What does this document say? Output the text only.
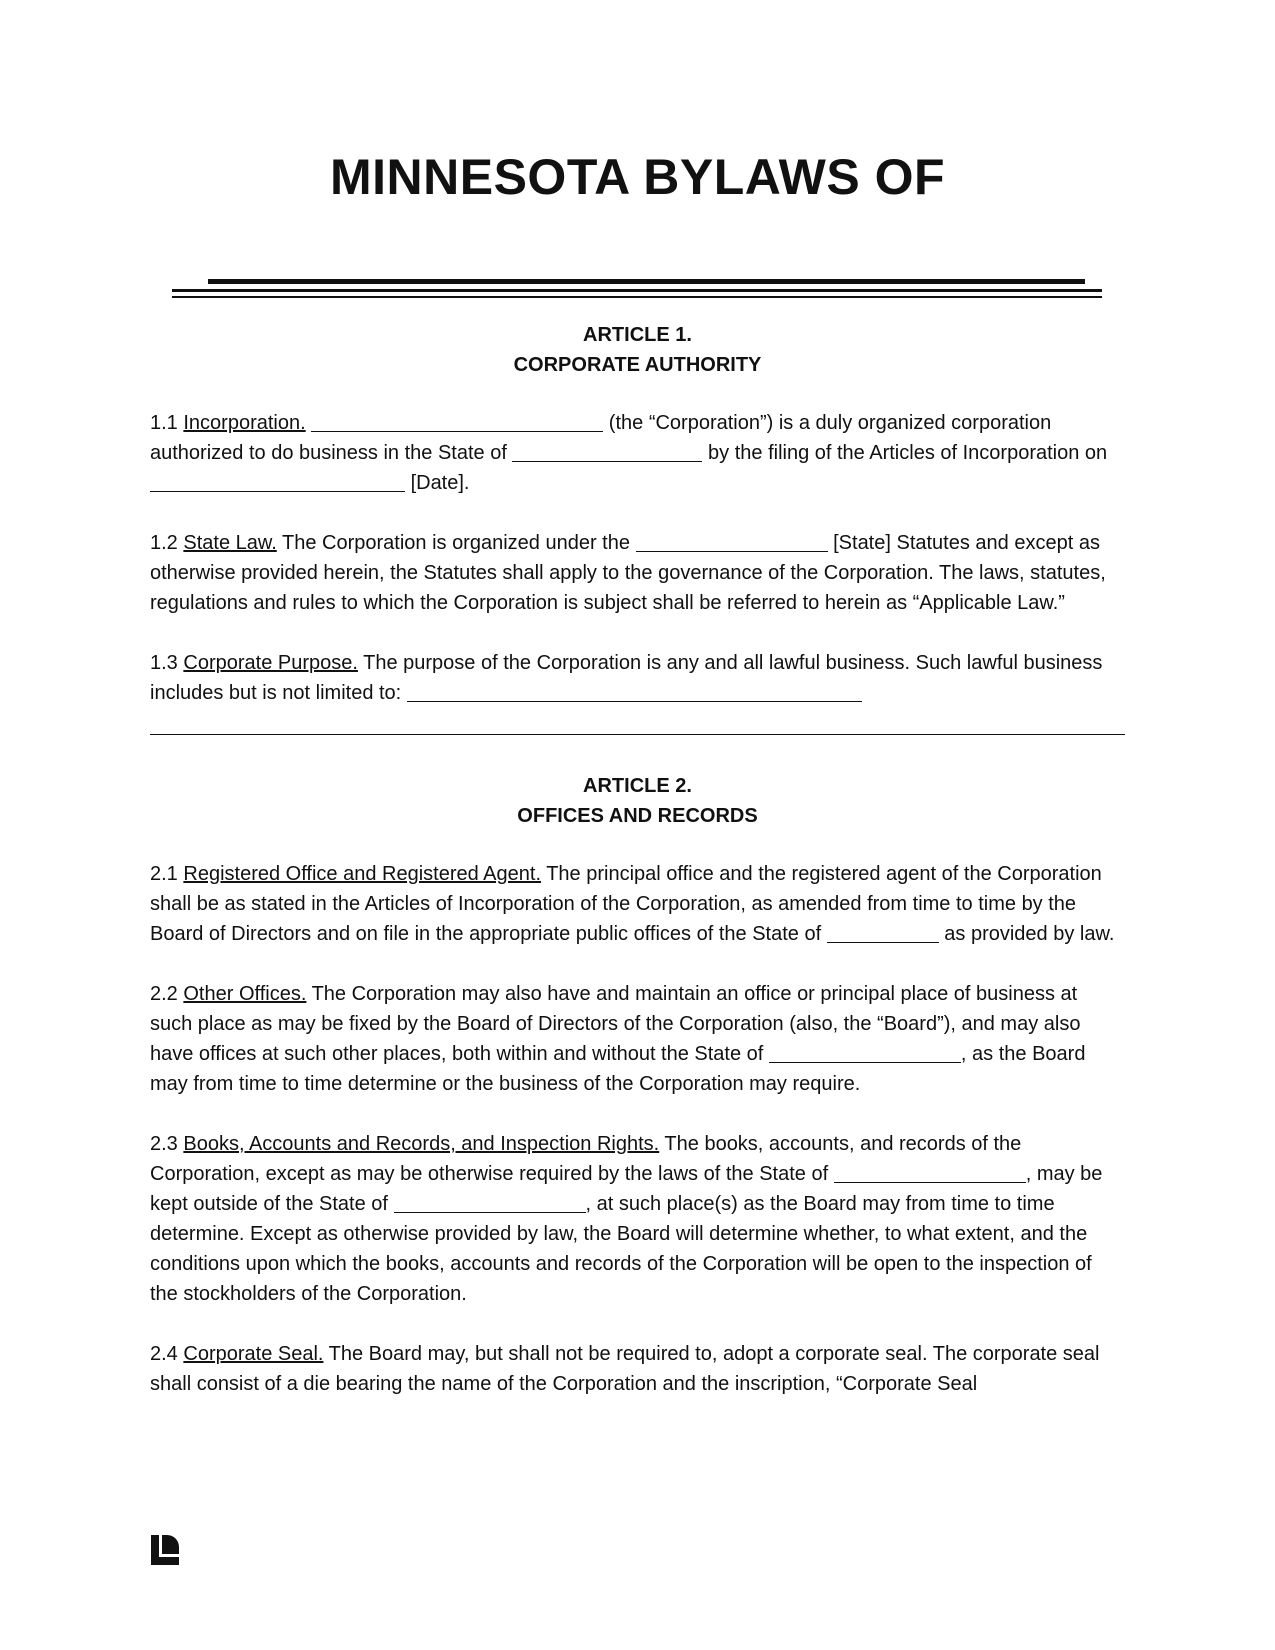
MINNESOTA BYLAWS OF
ARTICLE 1.
CORPORATE AUTHORITY

1.1 Incorporation.	(the “Corporation”) is a duly organized corporation authorized to do business in the State of	by the filing of the Articles of Incorporation on  [Date].

1.2 State Law. The Corporation is organized under the	[State] Statutes and except as otherwise provided herein, the Statutes shall apply to the governance of the Corporation. The laws, statutes, regulations and rules to which the Corporation is subject shall be referred to herein as “Applicable Law.”

1.3 Corporate Purpose. The purpose of the Corporation is any and all lawful business. Such lawful business includes but is not limited to:

ARTICLE 2.
OFFICES AND RECORDS

2.1 Registered Office and Registered Agent. The principal office and the registered agent of the Corporation shall be as stated in the Articles of Incorporation of the Corporation, as amended from time to time by the Board of Directors and on file in the appropriate public offices of the State of	as provided by law.

2.2 Other Offices. The Corporation may also have and maintain an office or principal place of business at such place as may be fixed by the Board of Directors of the Corporation (also, the “Board”), and may also have offices at such other places, both within and without the State of	, as the Board may from time to time determine or the business of the Corporation may require.

2.3 Books, Accounts and Records, and Inspection Rights. The books, accounts, and records of the Corporation, except as may be otherwise required by the laws of the State of	, may be kept outside of the State of	, at such place(s) as the Board may from time to time determine. Except as otherwise provided by law, the Board will determine whether, to what extent, and the conditions upon which the books, accounts and records of the Corporation will be open to the inspection of the stockholders of the Corporation.

2.4 Corporate Seal. The Board may, but shall not be required to, adopt a corporate seal. The corporate seal shall consist of a die bearing the name of the Corporation and the inscription, “Corporate Seal
